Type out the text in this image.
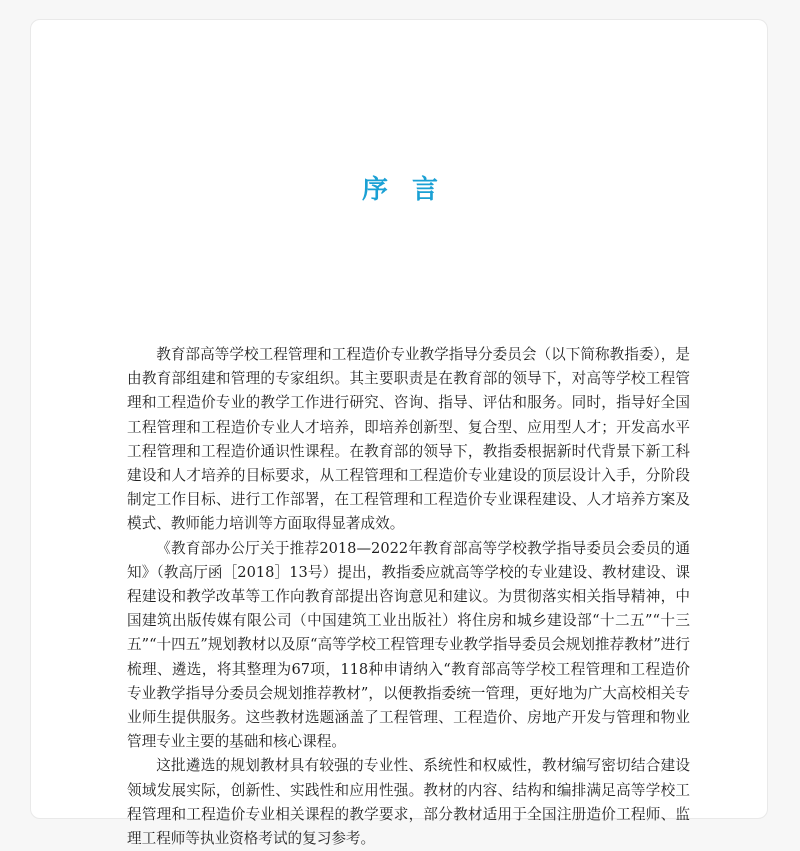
序言

教育部高等学校工程管理和工程造价专业教学指导分委员会（以下简称教指委），是由教育部组建和管理的专家组织。其主要职责是在教育部的领导下，对高等学校工程管理和工程造价专业的教学工作进行研究、咨询、指导、评估和服务。同时，指导好全国工程管理和工程造价专业人才培养，即培养创新型、复合型、应用型人才；开发高水平工程管理和工程造价通识性课程。在教育部的领导下，教指委根据新时代背景下新工科建设和人才培养的目标要求，从工程管理和工程造价专业建设的顶层设计入手，分阶段制定工作目标、进行工作部署，在工程管理和工程造价专业课程建设、人才培养方案及模式、教师能力培训等方面取得显著成效。

《教育部办公厅关于推荐2018—2022年教育部高等学校教学指导委员会委员的通知》（教高厅函［2018］13号）提出，教指委应就高等学校的专业建设、教材建设、课程建设和教学改革等工作向教育部提出咨询意见和建议。为贯彻落实相关指导精神，中国建筑出版传媒有限公司（中国建筑工业出版社）将住房和城乡建设部“十二五”“十三五”“十四五”规划教材以及原“高等学校工程管理专业教学指导委员会规划推荐教材”进行梳理、遴选，将其整理为67项，118种申请纳入“教育部高等学校工程管理和工程造价专业教学指导分委员会规划推荐教材”，以便教指委统一管理，更好地为广大高校相关专业师生提供服务。这些教材选题涵盖了工程管理、工程造价、房地产开发与管理和物业管理专业主要的基础和核心课程。

这批遴选的规划教材具有较强的专业性、系统性和权威性，教材编写密切结合建设领域发展实际，创新性、实践性和应用性强。教材的内容、结构和编排满足高等学校工程管理和工程造价专业相关课程的教学要求，部分教材适用于全国注册造价工程师、监理工程师等执业资格考试的复习参考。
